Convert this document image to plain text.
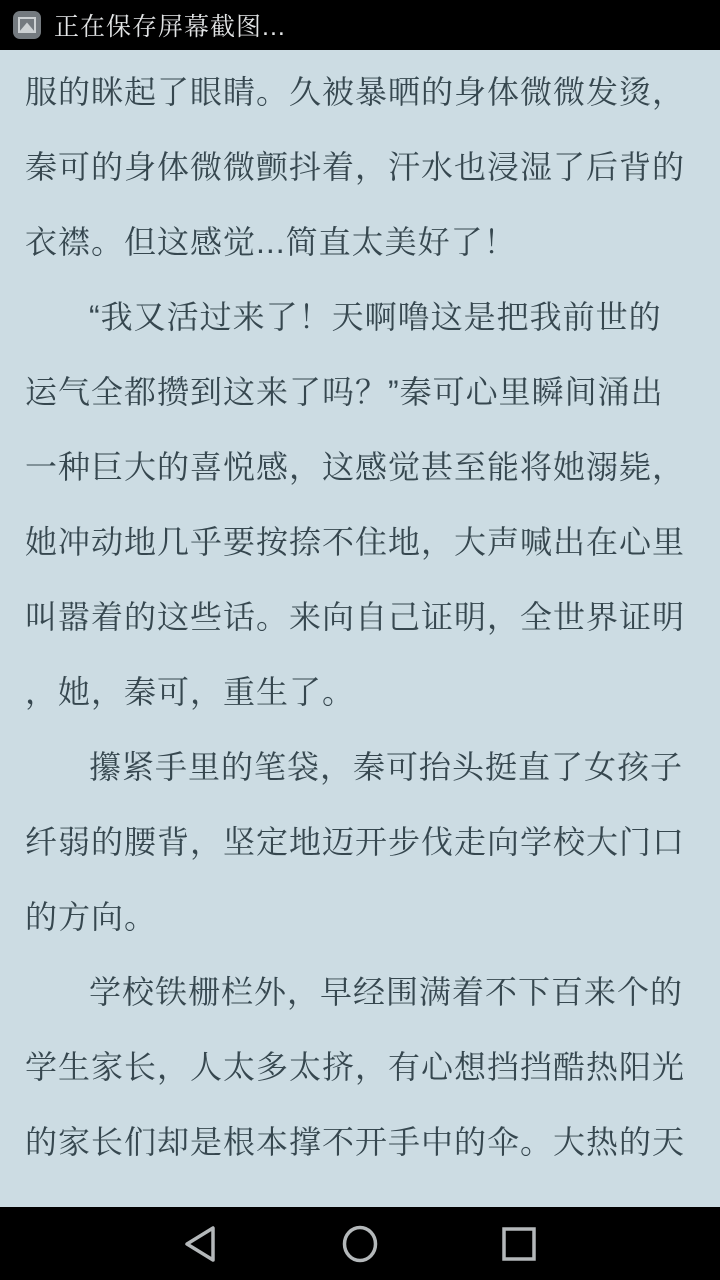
正在保存屏幕截图...
服的眯起了眼睛。久被暴晒的身体微微发烫，
秦可的身体微微颤抖着，汗水也浸湿了后背的
衣襟。但这感觉...简直太美好了！
“我又活过来了！天啊噜这是把我前世的
运气全都攒到这来了吗？”秦可心里瞬间涌出
一种巨大的喜悦感，这感觉甚至能将她溺毙，
她冲动地几乎要按捺不住地，大声喊出在心里
叫嚣着的这些话。来向自己证明，全世界证明
，她，秦可，重生了。
攥紧手里的笔袋，秦可抬头挺直了女孩子
纤弱的腰背，坚定地迈开步伐走向学校大门口
的方向。
学校铁栅栏外，早经围满着不下百来个的
学生家长，人太多太挤，有心想挡挡酷热阳光
的家长们却是根本撑不开手中的伞。大热的天
